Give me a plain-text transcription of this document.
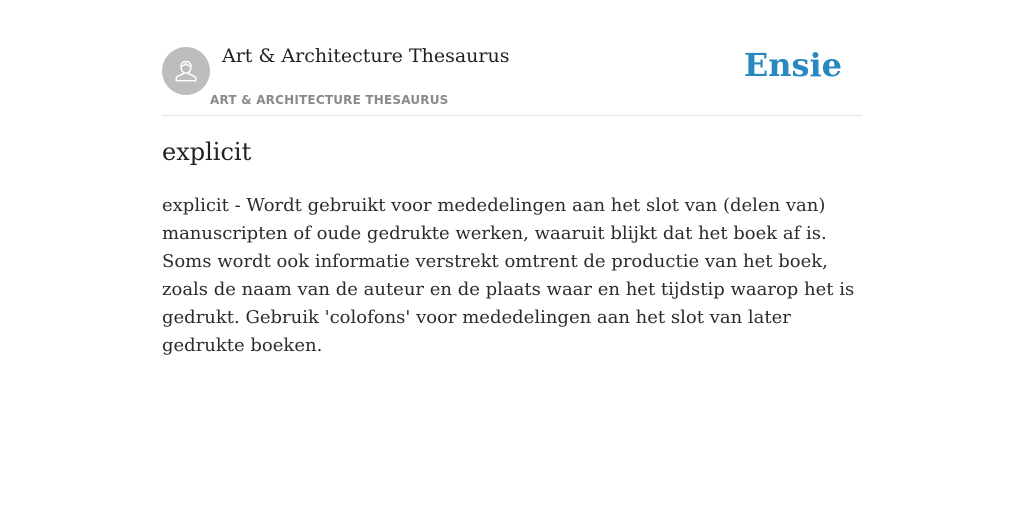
Art & Architecture Thesaurus
ART & ARCHITECTURE THESAURUS
Ensie
explicit

explicit - Wordt gebruikt voor mededelingen aan het slot van (delen van) manuscripten of oude gedrukte werken, waaruit blijkt dat het boek af is. Soms wordt ook informatie verstrekt omtrent de productie van het boek, zoals de naam van de auteur en de plaats waar en het tijdstip waarop het is gedrukt. Gebruik 'colofons' voor mededelingen aan het slot van later gedrukte boeken.
